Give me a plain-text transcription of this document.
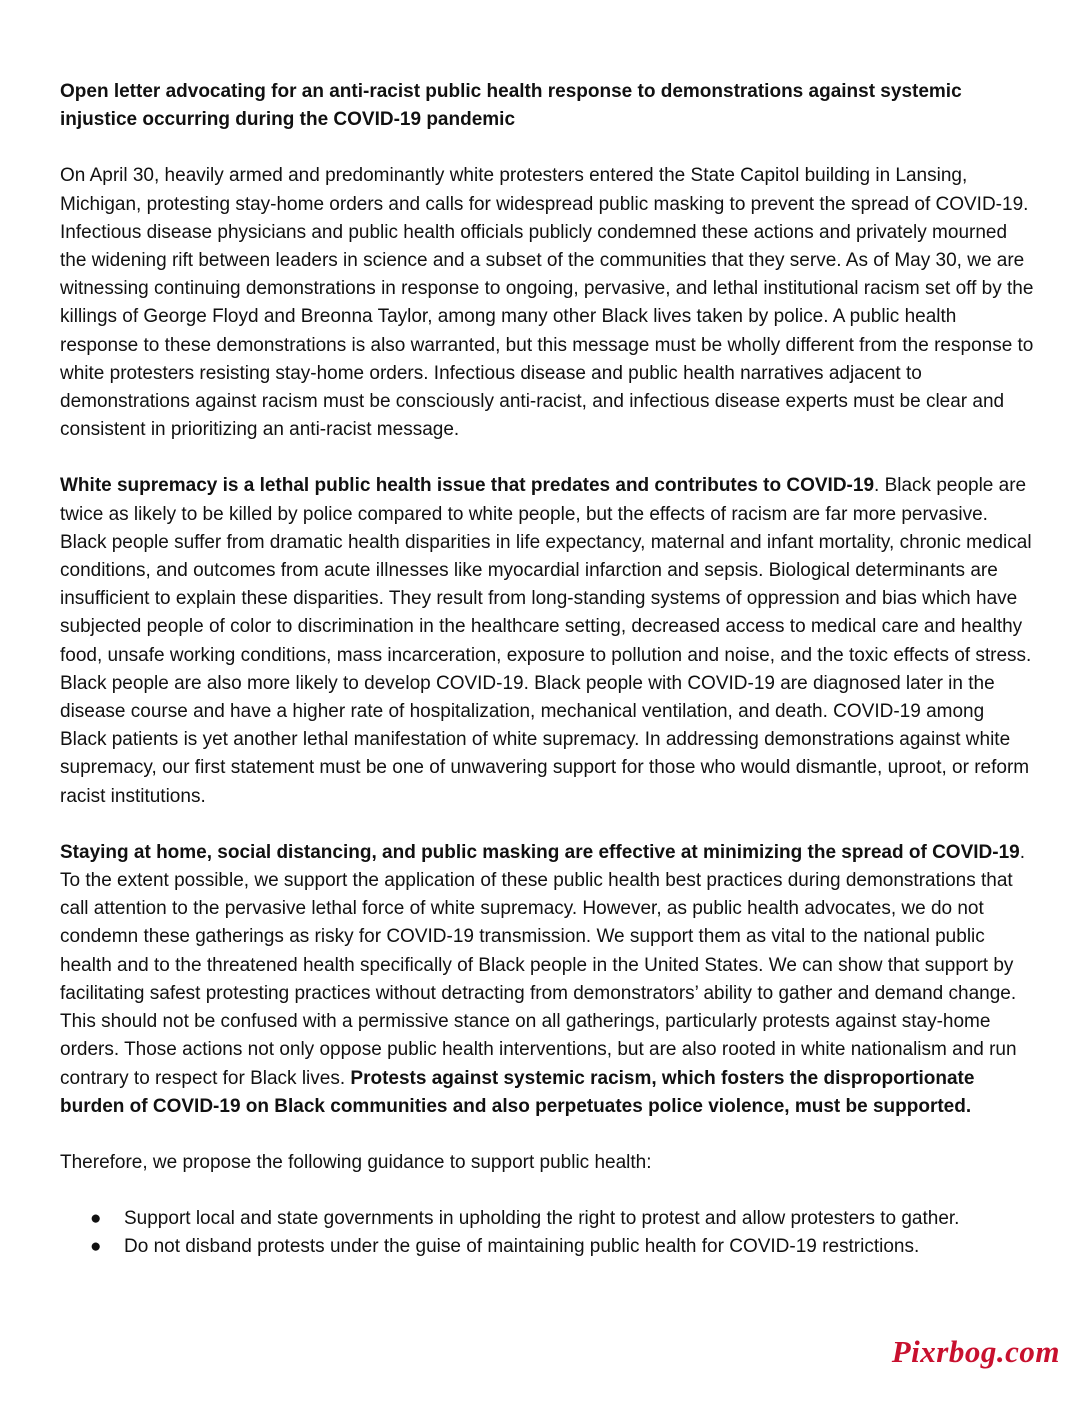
Open letter advocating for an anti-racist public health response to demonstrations against systemic injustice occurring during the COVID-19 pandemic

On April 30, heavily armed and predominantly white protesters entered the State Capitol building in Lansing, Michigan, protesting stay-home orders and calls for widespread public masking to prevent the spread of COVID-19. Infectious disease physicians and public health officials publicly condemned these actions and privately mourned the widening rift between leaders in science and a subset of the communities that they serve. As of May 30, we are witnessing continuing demonstrations in response to ongoing, pervasive, and lethal institutional racism set off by the killings of George Floyd and Breonna Taylor, among many other Black lives taken by police. A public health response to these demonstrations is also warranted, but this message must be wholly different from the response to white protesters resisting stay-home orders. Infectious disease and public health narratives adjacent to demonstrations against racism must be consciously anti-racist, and infectious disease experts must be clear and consistent in prioritizing an anti-racist message.

White supremacy is a lethal public health issue that predates and contributes to COVID-19. Black people are twice as likely to be killed by police compared to white people, but the effects of racism are far more pervasive. Black people suffer from dramatic health disparities in life expectancy, maternal and infant mortality, chronic medical conditions, and outcomes from acute illnesses like myocardial infarction and sepsis. Biological determinants are insufficient to explain these disparities. They result from long-standing systems of oppression and bias which have subjected people of color to discrimination in the healthcare setting, decreased access to medical care and healthy food, unsafe working conditions, mass incarceration, exposure to pollution and noise, and the toxic effects of stress. Black people are also more likely to develop COVID-19. Black people with COVID-19 are diagnosed later in the disease course and have a higher rate of hospitalization, mechanical ventilation, and death. COVID-19 among Black patients is yet another lethal manifestation of white supremacy. In addressing demonstrations against white supremacy, our first statement must be one of unwavering support for those who would dismantle, uproot, or reform racist institutions.

Staying at home, social distancing, and public masking are effective at minimizing the spread of COVID-19. To the extent possible, we support the application of these public health best practices during demonstrations that call attention to the pervasive lethal force of white supremacy. However, as public health advocates, we do not condemn these gatherings as risky for COVID-19 transmission. We support them as vital to the national public health and to the threatened health specifically of Black people in the United States. We can show that support by facilitating safest protesting practices without detracting from demonstrators’ ability to gather and demand change. This should not be confused with a permissive stance on all gatherings, particularly protests against stay-home orders. Those actions not only oppose public health interventions, but are also rooted in white nationalism and run contrary to respect for Black lives. Protests against systemic racism, which fosters the disproportionate burden of COVID-19 on Black communities and also perpetuates police violence, must be supported.

Therefore, we propose the following guidance to support public health:

● Support local and state governments in upholding the right to protest and allow protesters to gather.
● Do not disband protests under the guise of maintaining public health for COVID-19 restrictions.
Pixrbog.com
